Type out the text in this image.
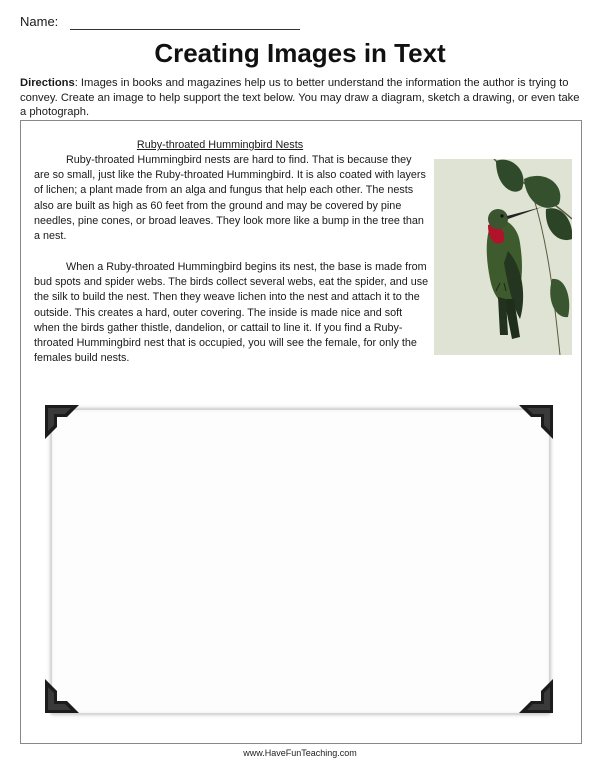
Name:
Creating Images in Text
Directions: Images in books and magazines help us to better understand the information the author is trying to convey. Create an image to help support the text below. You may draw a diagram, sketch a drawing, or even take a photograph.
Ruby-throated Hummingbird Nests

Ruby-throated Hummingbird nests are hard to find. That is because they are so small, just like the Ruby-throated Hummingbird. It is also coated with layers of lichen; a plant made from an alga and fungus that help each other. The nests also are built as high as 60 feet from the ground and may be covered by pine needles, pine cones, or broad leaves. They look more like a bump in the tree than a nest.

When a Ruby-throated Hummingbird begins its nest, the base is made from bud spots and spider webs. The birds collect several webs, eat the spider, and use the silk to build the nest. Then they weave lichen into the nest and attach it to the outside. This creates a hard, outer covering. The inside is made nice and soft when the birds gather thistle, dandelion, or cattail to line it. If you find a Ruby-throated Hummingbird nest that is occupied, you will see the female, for only the females build nests.

www.HaveFunTeaching.com
